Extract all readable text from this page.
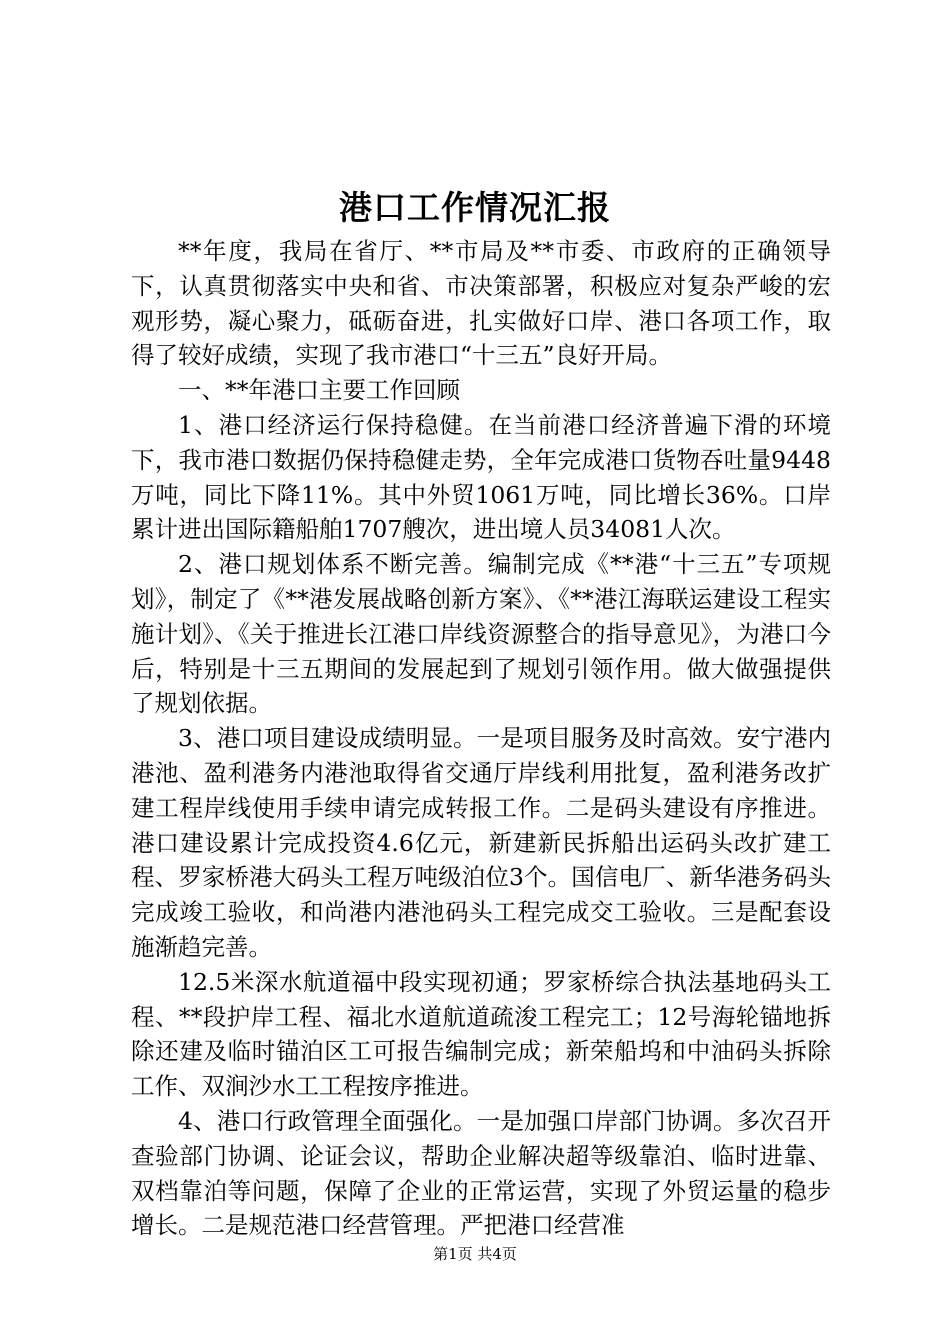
港口工作情况汇报

**年度，我局在省厅、**市局及**市委、市政府的正确领导下，认真贯彻落实中央和省、市决策部署，积极应对复杂严峻的宏观形势，凝心聚力，砥砺奋进，扎实做好口岸、港口各项工作，取得了较好成绩，实现了我市港口“十三五”良好开局。

一、**年港口主要工作回顾

1、港口经济运行保持稳健。在当前港口经济普遍下滑的环境下，我市港口数据仍保持稳健走势，全年完成港口货物吞吐量9448万吨，同比下降11%。其中外贸1061万吨，同比增长36%。口岸累计进出国际籍船舶1707艘次，进出境人员34081人次。

2、港口规划体系不断完善。编制完成《**港“十三五”专项规划》，制定了《**港发展战略创新方案》、《**港江海联运建设工程实施计划》、《关于推进长江港口岸线资源整合的指导意见》，为港口今后，特别是十三五期间的发展起到了规划引领作用。做大做强提供了规划依据。

3、港口项目建设成绩明显。一是项目服务及时高效。安宁港内港池、盈利港务内港池取得省交通厅岸线利用批复，盈利港务改扩建工程岸线使用手续申请完成转报工作。二是码头建设有序推进。港口建设累计完成投资4.6亿元，新建新民拆船出运码头改扩建工程、罗家桥港大码头工程万吨级泊位3个。国信电厂、新华港务码头完成竣工验收，和尚港内港池码头工程完成交工验收。三是配套设施渐趋完善。

12.5米深水航道福中段实现初通；罗家桥综合执法基地码头工程、**段护岸工程、福北水道航道疏浚工程完工；12号海轮锚地拆除还建及临时锚泊区工可报告编制完成；新荣船坞和中油码头拆除工作、双涧沙水工工程按序推进。

4、港口行政管理全面强化。一是加强口岸部门协调。多次召开查验部门协调、论证会议，帮助企业解决超等级靠泊、临时进靠、双档靠泊等问题，保障了企业的正常运营，实现了外贸运量的稳步增长。二是规范港口经营管理。严把港口经营准

第1页 共4页
